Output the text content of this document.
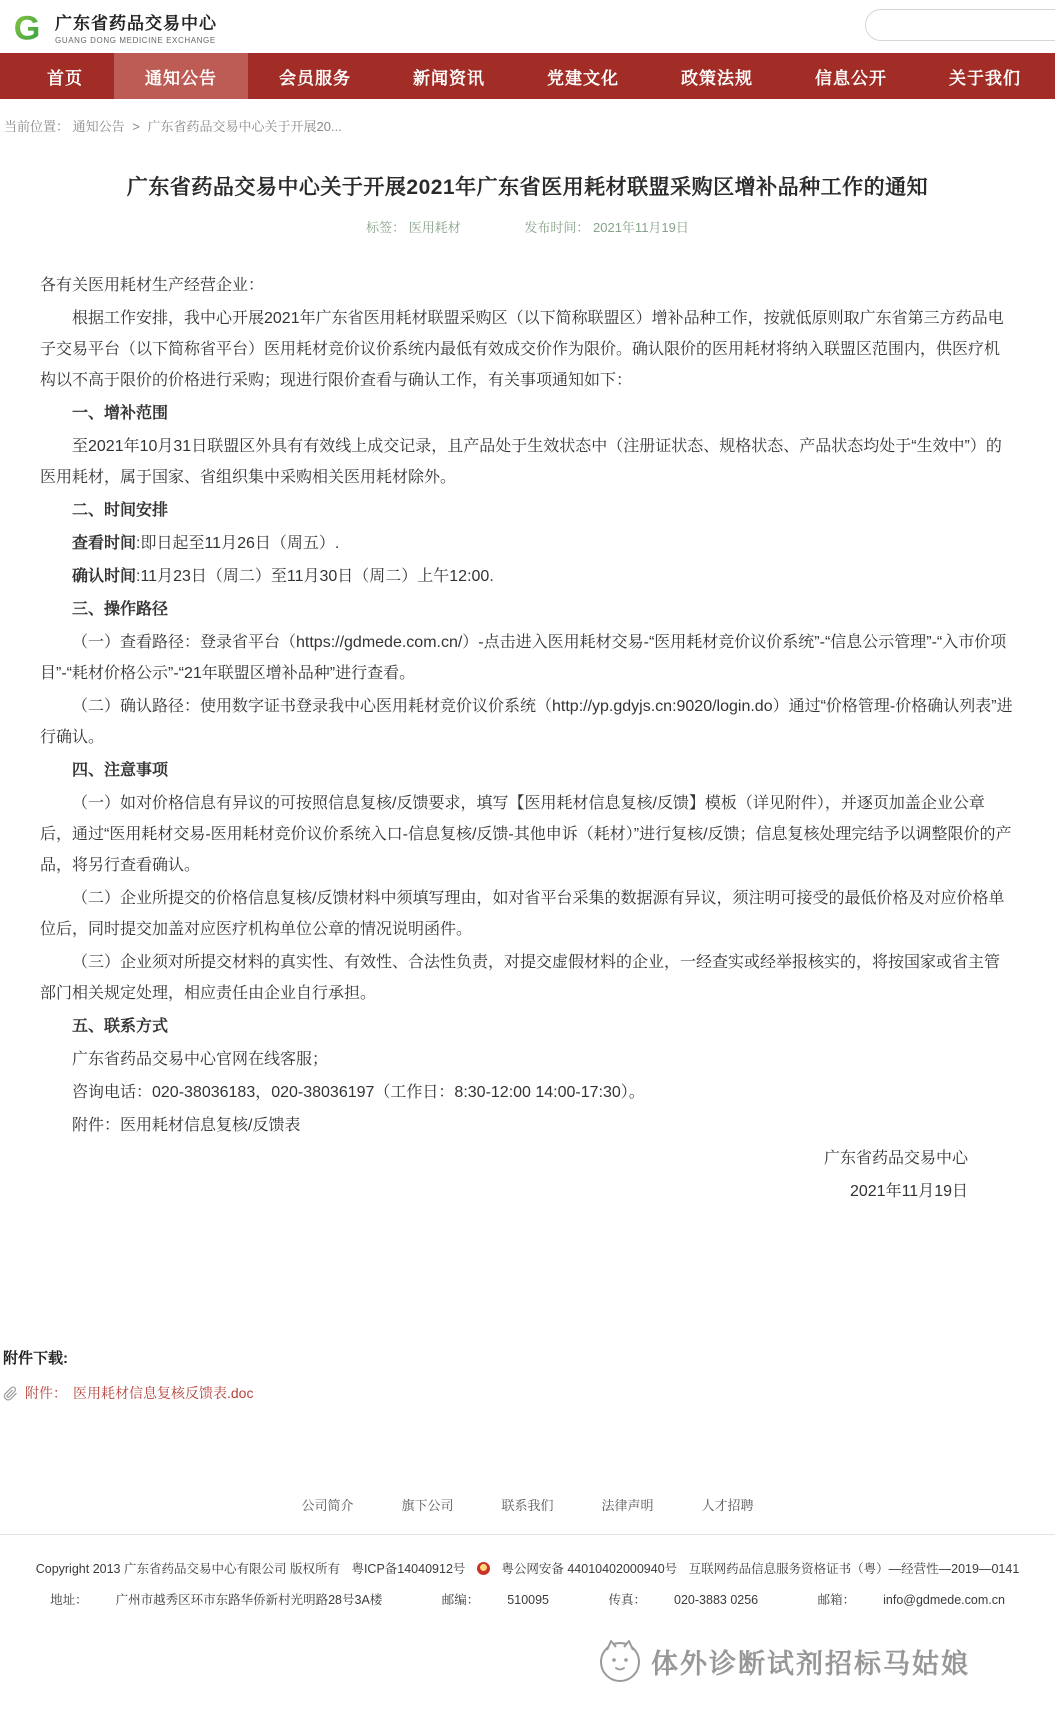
G 广东省药品交易中心
GUANG DONG MEDICINE EXCHANGE
首页	通知公告	会员服务	新闻资讯	党建文化	政策法规	信息公开	关于我们
当前位置： 通知公告 > 广东省药品交易中心关于开展20...
广东省药品交易中心关于开展2021年广东省医用耗材联盟采购区增补品种工作的通知
标签： 医用耗材	发布时间： 2021年11月19日

各有关医用耗材生产经营企业：

根据工作安排，我中心开展2021年广东省医用耗材联盟采购区（以下简称联盟区）增补品种工作，按就低原则取广东省第三方药品电子交易平台（以下简称省平台）医用耗材竞价议价系统内最低有效成交价作为限价。确认限价的医用耗材将纳入联盟区范围内，供医疗机构以不高于限价的价格进行采购；现进行限价查看与确认工作，有关事项通知如下：

一、增补范围

至2021年10月31日联盟区外具有有效线上成交记录，且产品处于生效状态中（注册证状态、规格状态、产品状态均处于“生效中”）的医用耗材，属于国家、省组织集中采购相关医用耗材除外。

二、时间安排

查看时间:即日起至11月26日（周五）.

确认时间:11月23日（周二）至11月30日（周二）上午12:00.

三、操作路径

（一）查看路径：登录省平台（https://gdmede.com.cn/）-点击进入医用耗材交易-“医用耗材竞价议价系统”-“信息公示管理”-“入市价项目”-“耗材价格公示”-“21年联盟区增补品种”进行查看。

（二）确认路径：使用数字证书登录我中心医用耗材竞价议价系统（http://yp.gdyjs.cn:9020/login.do）通过“价格管理-价格确认列表”进行确认。

四、注意事项

（一）如对价格信息有异议的可按照信息复核/反馈要求，填写【医用耗材信息复核/反馈】模板（详见附件），并逐页加盖企业公章后，通过“医用耗材交易-医用耗材竞价议价系统入口-信息复核/反馈-其他申诉（耗材）”进行复核/反馈；信息复核处理完结予以调整限价的产品，将另行查看确认。

（二）企业所提交的价格信息复核/反馈材料中须填写理由，如对省平台采集的数据源有异议，须注明可接受的最低价格及对应价格单位后，同时提交加盖对应医疗机构单位公章的情况说明函件。

（三）企业须对所提交材料的真实性、有效性、合法性负责，对提交虚假材料的企业，一经查实或经举报核实的，将按国家或省主管部门相关规定处理，相应责任由企业自行承担。

五、联系方式

广东省药品交易中心官网在线客服；

咨询电话：020-38036183，020-38036197（工作日：8:30-12:00 14:00-17:30）。

附件：医用耗材信息复核/反馈表

广东省药品交易中心

2021年11月19日

附件下载:
附件： 医用耗材信息复核反馈表.doc
公司简介	旗下公司	联系我们	法律声明	人才招聘
Copyright 2013 广东省药品交易中心有限公司 版权所有 粤ICP备14040912号	粤公网安备 44010402000940号 互联网药品信息服务资格证书（粤）—经营性—2019—0141
地址： 广州市越秀区环市东路华侨新村光明路28号3A楼	邮编： 510095	传真： 020-3883 0256	邮箱： info@gdmede.com.cn
体外诊断试剂招标马姑娘
